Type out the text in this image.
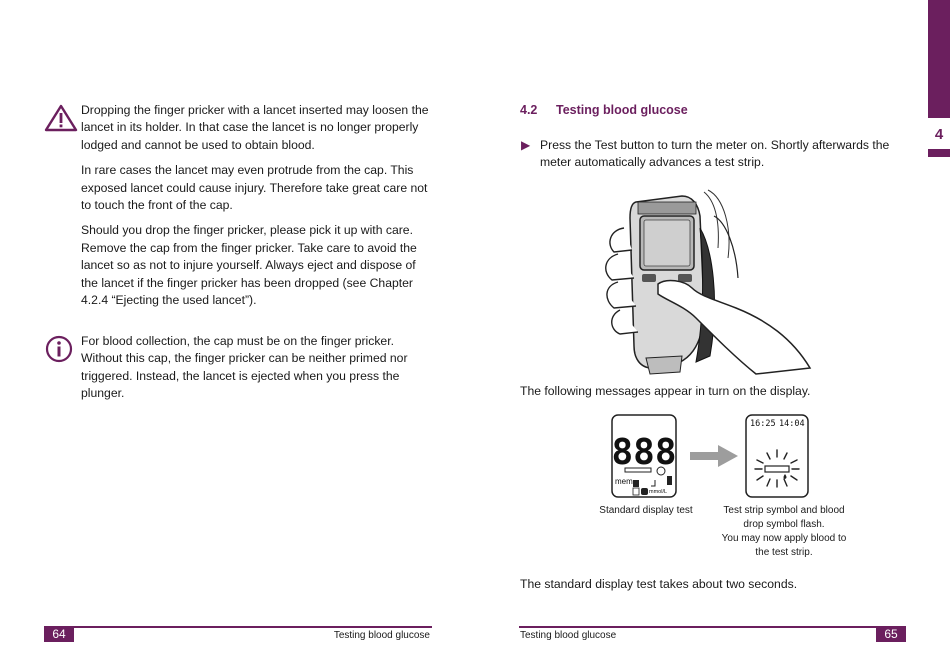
4

Dropping the finger pricker with a lancet inserted may loosen the lancet in its holder. In that case the lancet is no longer properly lodged and cannot be used to obtain blood.

In rare cases the lancet may even protrude from the cap. This exposed lancet could cause injury. Therefore take great care not to touch the front of the cap.

Should you drop the finger pricker, please pick it up with care. Remove the cap from the finger pricker. Take care to avoid the lancet so as not to injure yourself. Always eject and dispose of the lancet if the finger pricker has been dropped (see Chapter 4.2.4 “Ejecting the used lancet”).

For blood collection, the cap must be on the finger pricker. Without this cap, the finger pricker can be neither primed nor triggered. Instead, the lancet is ejected when you press the plunger.

64	Testing blood glucose
4.2 Testing blood glucose
▶ Press the Test button to turn the meter on. Shortly afterwards the meter automatically advances a test strip.
The following messages appear in turn on the display.
888
mem
mmol/L
16:25 14:04
Standard display test	Test strip symbol and blood
drop symbol flash.
You may now apply blood to
the test strip.
The standard display test takes about two seconds.
Testing blood glucose	65
